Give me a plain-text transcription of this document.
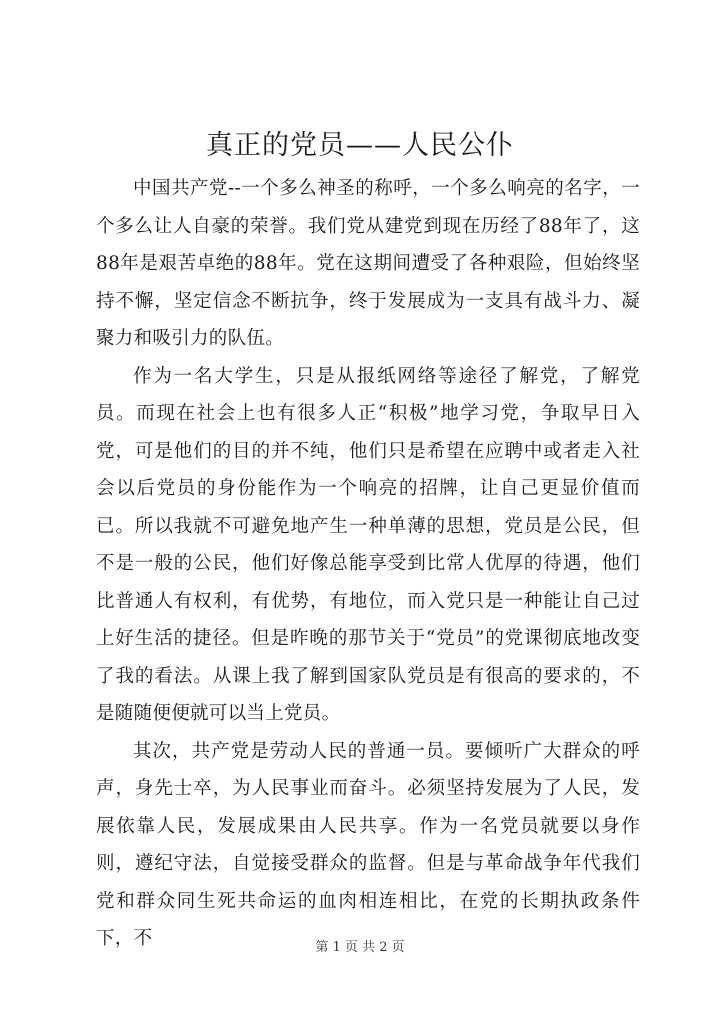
真正的党员——人民公仆

中国共产党--一个多么神圣的称呼，一个多么响亮的名字，一个多么让人自豪的荣誉。我们党从建党到现在历经了88年了，这88年是艰苦卓绝的88年。党在这期间遭受了各种艰险，但始终坚持不懈，坚定信念不断抗争，终于发展成为一支具有战斗力、凝聚力和吸引力的队伍。

作为一名大学生，只是从报纸网络等途径了解党，了解党员。而现在社会上也有很多人正“积极”地学习党，争取早日入党，可是他们的目的并不纯，他们只是希望在应聘中或者走入社会以后党员的身份能作为一个响亮的招牌，让自己更显价值而已。所以我就不可避免地产生一种单薄的思想，党员是公民，但不是一般的公民，他们好像总能享受到比常人优厚的待遇，他们比普通人有权利，有优势，有地位，而入党只是一种能让自己过上好生活的捷径。但是昨晚的那节关于“党员”的党课彻底地改变了我的看法。从课上我了解到国家队党员是有很高的要求的，不是随随便便就可以当上党员。

其次，共产党是劳动人民的普通一员。要倾听广大群众的呼声，身先士卒，为人民事业而奋斗。必须坚持发展为了人民，发展依靠人民，发展成果由人民共享。作为一名党员就要以身作则，遵纪守法，自觉接受群众的监督。但是与革命战争年代我们党和群众同生死共命运的血肉相连相比，在党的长期执政条件下，不	第 1 页 共 2 页
